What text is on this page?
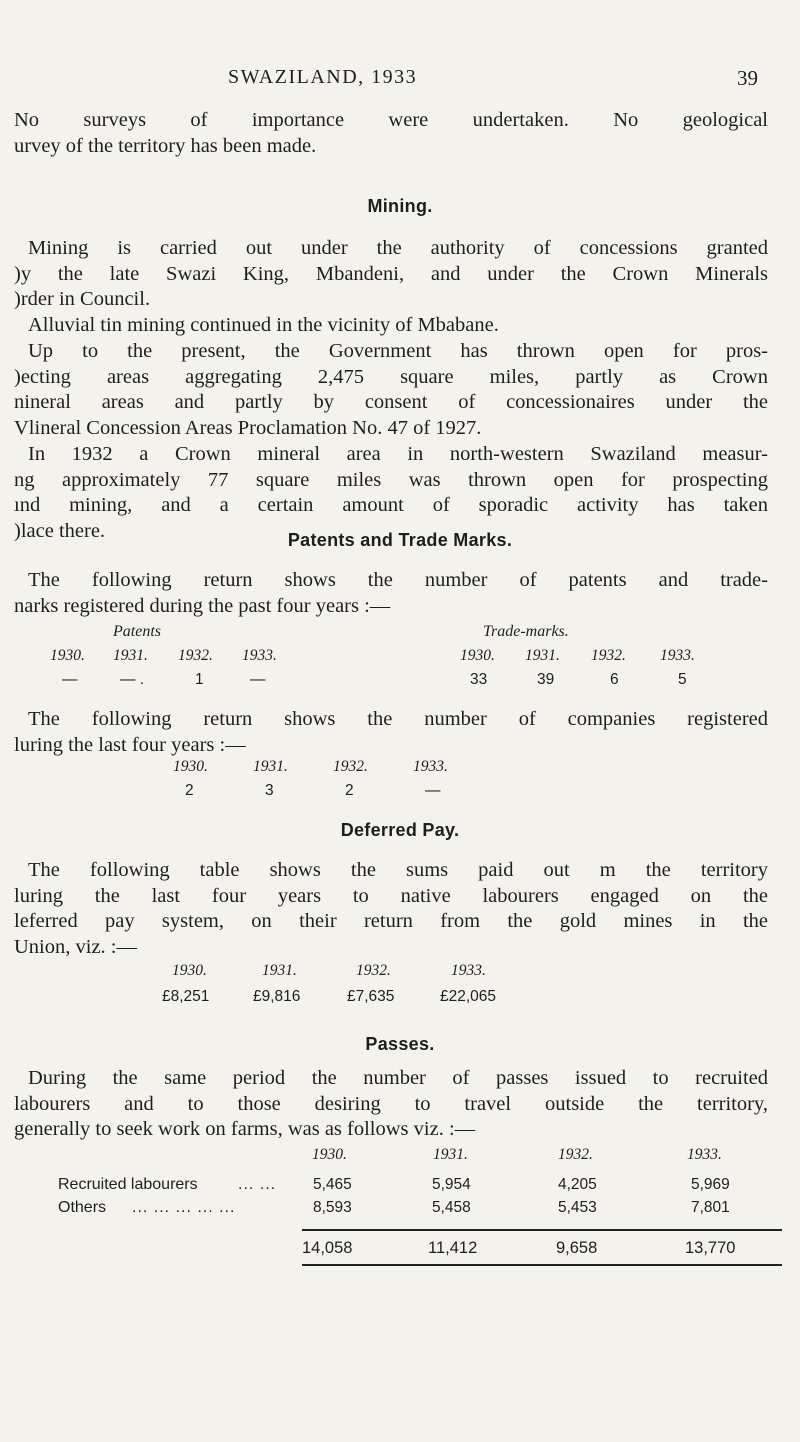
SWAZILAND, 1933	39

No surveys of importance were undertaken. No geological
urvey of the territory has been made.

Mining.

Mining is carried out under the authority of concessions granted
)y the late Swazi King, Mbandeni, and under the Crown Minerals
)rder in Council.

Alluvial tin mining continued in the vicinity of Mbabane.

Up to the present, the Government has thrown open for pros-
)ecting areas aggregating 2,475 square miles, partly as Crown
nineral areas and partly by consent of concessionaires under the
Vlineral Concession Areas Proclamation No. 47 of 1927.

In 1932 a Crown mineral area in north-western Swaziland measur-
ng approximately 77 square miles was thrown open for prospecting
ınd mining, and a certain amount of sporadic activity has taken
)lace there.	Patents and Trade Marks.

The following return shows the number of patents and trade-
narks registered during the past four years :—

Patents	Trade-marks.
1930. 1931. 1932. 1933.	1930. 1931. 1932. 1933.
—	— .	1	—	33	39	6	5

The following return shows the number of companies registered
luring the last four years :—

1930.	1931.	1932.	1933.
2	3	2	—
Deferred Pay.

The following table shows the sums paid out m the territory
luring the last four years to native labourers engaged on the
leferred pay system, on their return from the gold mines in the
Union, viz. :—

1930.	1931.	1932.	1933.
£8,251	£9,816	£7,635	£22,065
Passes.

During the same period the number of passes issued to recruited
labourers and to those desiring to travel outside the territory,
generally to seek work on farms, was as follows viz. :—

1930.	1931.	1932.	1933.
Recruited labourers	... ... 5,465	5,954	4,205	5,969
Others ... ... ... ... ...	8,593	5,458	5,453	7,801
14,058	11,412	9,658	13,770
